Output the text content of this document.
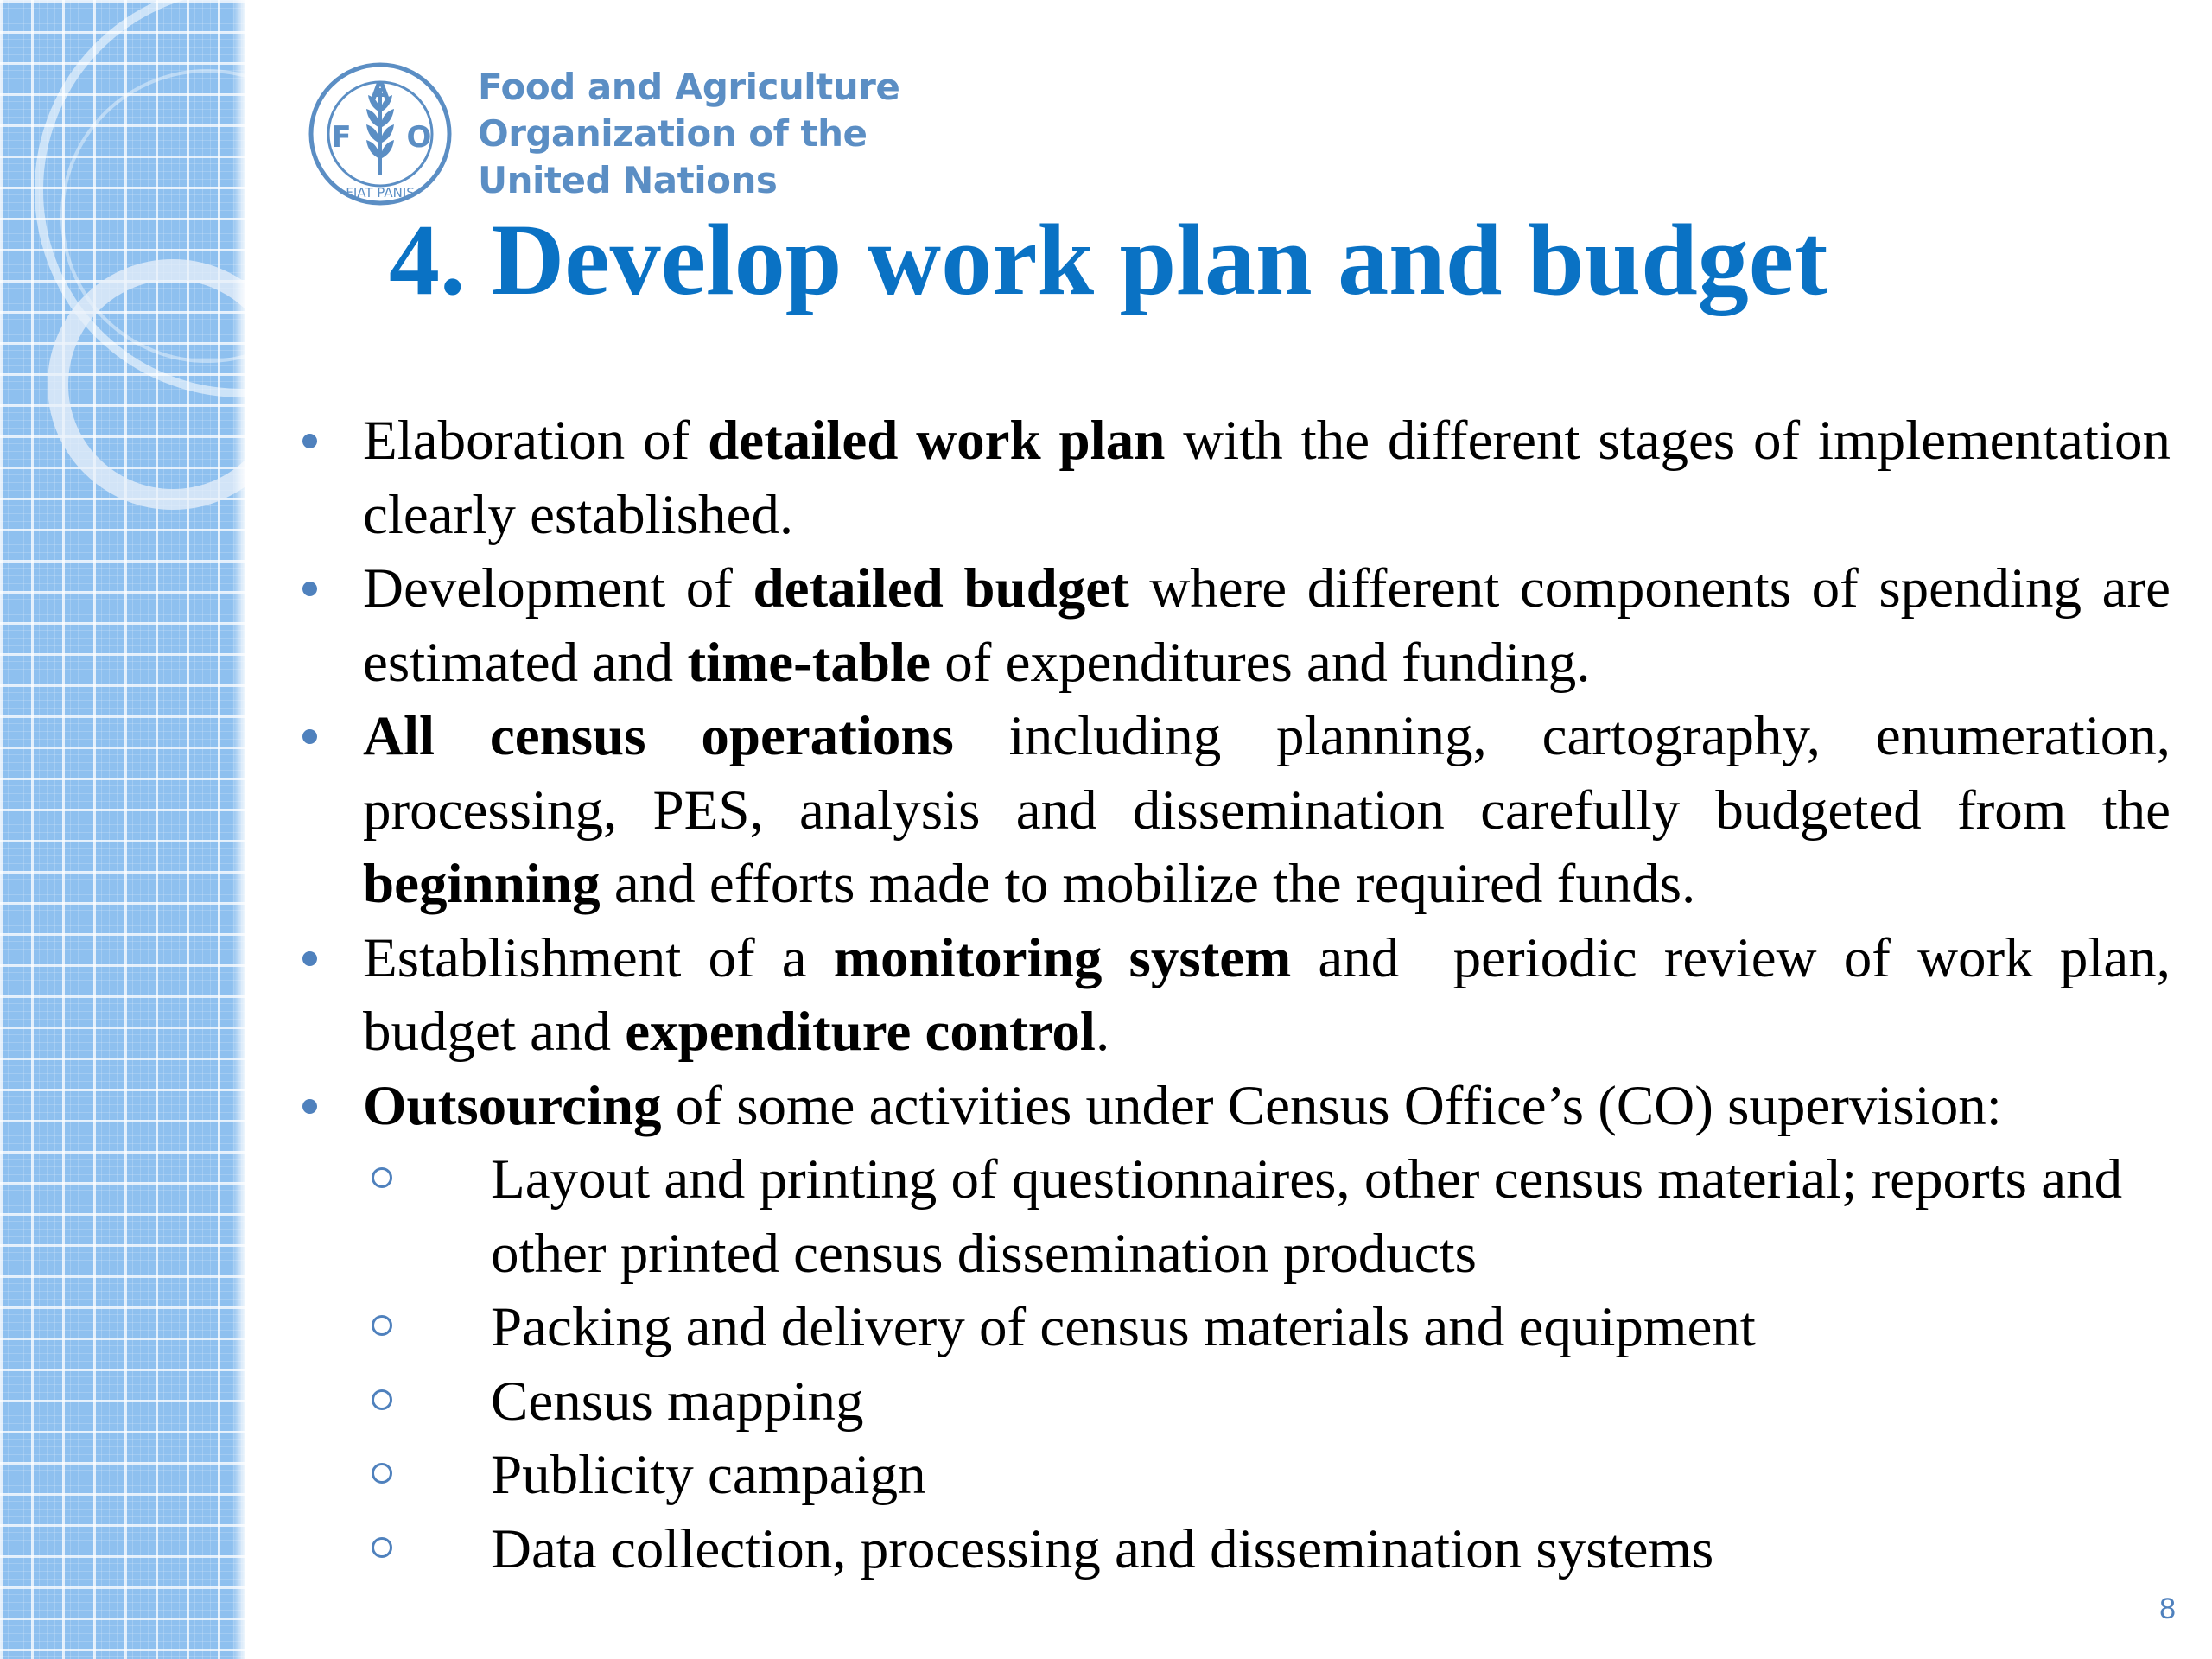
F
A
O
FIAT PANIS
Food and Agriculture
Organization of the
United Nations
4. Develop work plan and budget
Elaboration of detailed work plan with the different stages of implementation clearly established.
Development of detailed budget where different components of spending are estimated and time-table of expenditures and funding.
All census operations including planning, cartography, enumeration, processing, PES, analysis and dissemination carefully budgeted from the beginning and efforts made to mobilize the required funds.
Establishment of a monitoring system and  periodic review of work plan,  budget and expenditure control.
Outsourcing of some activities under Census Office’s (CO) supervision:
Layout and printing of questionnaires, other census material; reports and other printed census dissemination products
Packing and delivery of census materials and equipment
Census mapping
Publicity campaign
Data collection, processing and dissemination systems
8
